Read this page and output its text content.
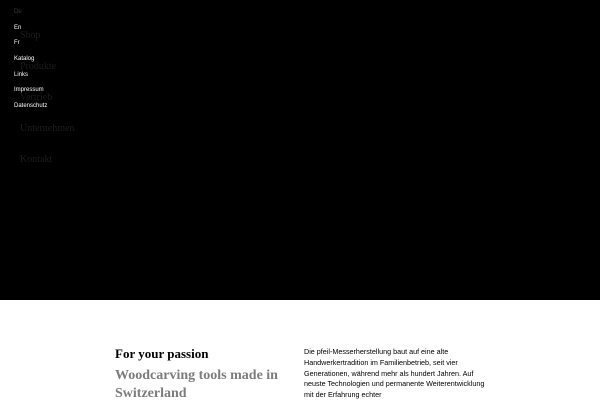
De
En
Fr
Katalog
Links
Impressum
Datenschutz
Shop
Produkte
Vertrieb
Unternehmen
Kontakt
For your passion
Woodcarving tools made in Switzerland

Die pfeil-Messerherstellung baut auf eine alte Handwerkertradition im Familienbetrieb, seit vier Generationen, während mehr als hundert Jahren. Auf neuste Technologien und permanente Weiterentwicklung mit der Erfahrung echter
